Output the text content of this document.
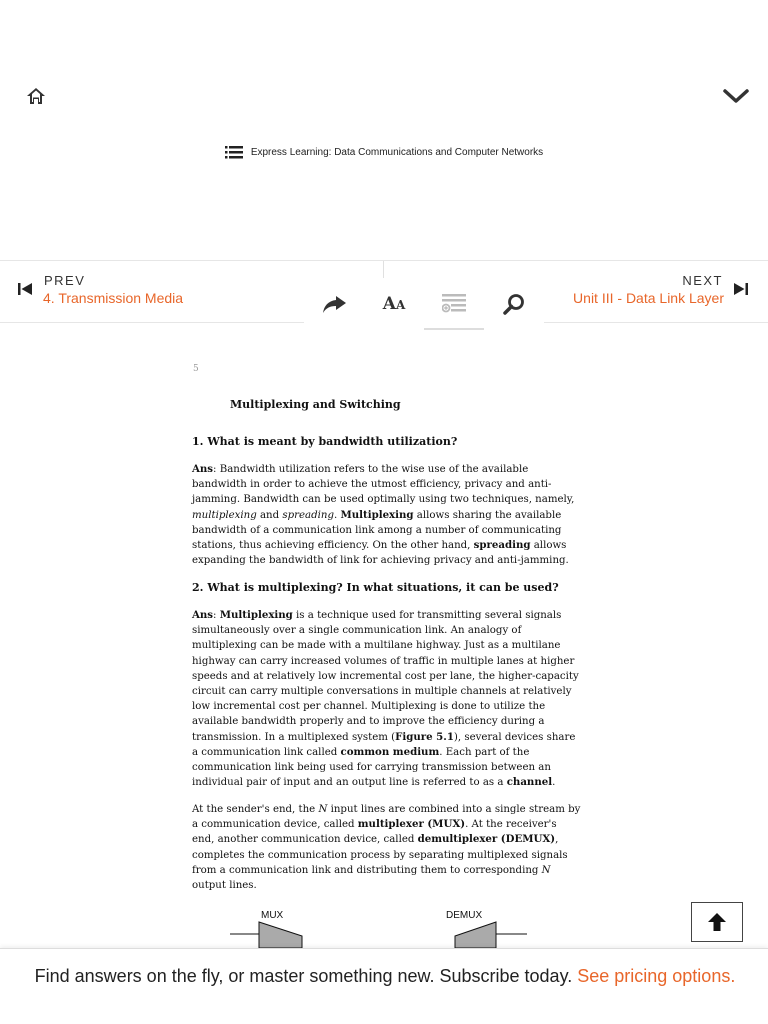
Express Learning: Data Communications and Computer Networks
PREV
4. Transmission Media
NEXT
Unit III - Data Link Layer
AA
5
Multiplexing and Switching
1. What is meant by bandwidth utilization?

Ans: Bandwidth utilization refers to the wise use of the available bandwidth in order to achieve the utmost efficiency, privacy and anti-jamming. Bandwidth can be used optimally using two techniques, namely, multiplexing and spreading. Multiplexing allows sharing the available bandwidth of a communication link among a number of communicating stations, thus achieving efficiency. On the other hand, spreading allows expanding the bandwidth of link for achieving privacy and anti-jamming.

2. What is multiplexing? In what situations, it can be used?

Ans: Multiplexing is a technique used for transmitting several signals simultaneously over a single communication link. An analogy of multiplexing can be made with a multilane highway. Just as a multilane highway can carry increased volumes of traffic in multiple lanes at higher speeds and at relatively low incremental cost per lane, the higher-capacity circuit can carry multiple conversations in multiple channels at relatively low incremental cost per channel. Multiplexing is done to utilize the available bandwidth properly and to improve the efficiency during a transmission. In a multiplexed system (Figure 5.1), several devices share a communication link called common medium. Each part of the communication link being used for carrying transmission between an individual pair of input and an output line is referred to as a channel.

At the sender's end, the N input lines are combined into a single stream by a communication device, called multiplexer (MUX). At the receiver's end, another communication device, called demultiplexer (DEMUX), completes the communication process by separating multiplexed signals from a communication link and distributing them to corresponding N output lines.

MUX	DEMUX

Find answers on the fly, or master something new. Subscribe today. See pricing options.
